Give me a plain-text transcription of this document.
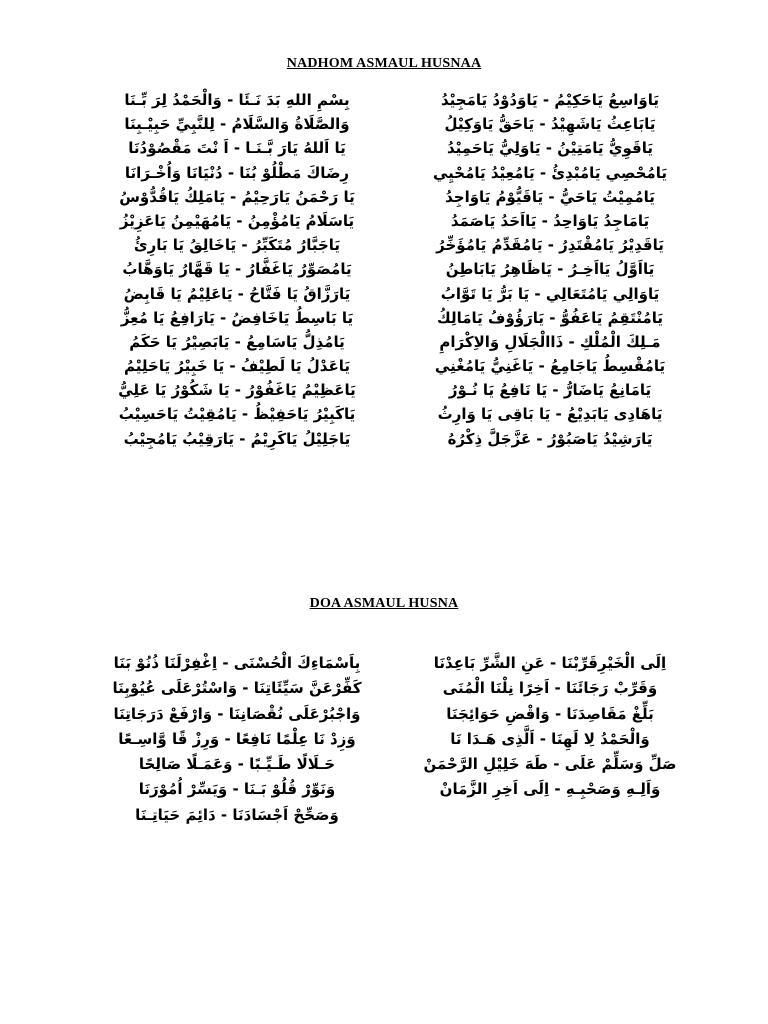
NADHOM ASMAUL HUSNAA
بِسْمِ اللهِ بَدَ نَـئَا - وَالْحَمْدُ لِرَ بِّـنَا
وَالصَّلَاةُ وَالسَّلَامُ - لِلنَّبِيِّ حَبِيْـبِنَا
يَا اَللهُ يَارَ بَّـنَـا - اَ نْتَ مَقْصُوْدُنَا
رِضَاكَ مَطْلُوْ بُنَا - دُنْيَانَا وَاُخْـرَانَا
يَا رَحْمَنُ يَارَحِيْمُ - يَامَلِكُ يَاقُدُّوْسُ
يَاسَلَامُ يَامُؤْمِنُ - يَامُهَيْمِنُ يَاعَزِيْزُ
يَاجَبَّارُ مُتَكَبِّرُ - يَاخَالِقُ يَا بَارِئُ
يَامُصَوِّرُ يَاغَفَّارُ - يَا قَهَّارُ يَاوَهَّابُ
يَارَزَّاقُ يَا فَتَّاحُ - يَاعَلِيْمُ يَا قَابِضُ
يَا بَاسِطُ يَاخَافِضُ - يَارَافِعُ يَا مُعِزُّ
يَامُذِلُّ يَاسَامِعُ - يَابَصِيْرُ يَا حَكَمُ
يَاعَدْلُ يَا لَطِيْفُ - يَا خَبِيْرُ يَاحَلِيْمُ
يَاعَظِيْمُ يَاغَفُوْرُ - يَا شَكُوْرُ يَا عَلِيُّ
يَاكَبِيْرُ يَاحَفِيْظُ - يَامُقِيْتُ يَاحَسِيْبُ
يَاجَلِيْلُ يَاكَرِيْمُ - يَارَقِيْبُ يَامُجِيْبُ
يَاوَاسِعُ يَاحَكِيْمُ - يَاوَدُوْدُ يَامَجِيْدُ
يَابَاعِثُ يَاشَهِيْدُ - يَاحَقُّ يَاوَكِيْلُ
يَاقَوِيُّ يَامَتِيْنُ - يَاوَلِيُّ يَاحَمِيْدُ
يَامُحْصِي يَامُبْدِئُ - يَامُعِيْدُ يَامُحْيِي
يَامُمِيْتُ يَاحَيُّ - يَاقَيُّوْمُ يَاوَاجِدُ
يَامَاجِدُ يَاوَاحِدُ - يَااَحَدُ يَاصَمَدُ
يَاقَدِيْرُ يَامُقْتَدِرُ - يَامُقَدِّمُ يَامُؤَخِّرُ
يَااَوَّلُ يَااَخِـرُ - يَاظَاهِرُ يَابَاطِنُ
يَاوَالِي يَامُتَعَالِي - يَا بَرُّ يَا تَوَّابُ
يَامُنْتَقِمُ يَاعَفُوُّ - يَارَؤُوْفُ يَامَالِكُ
مَـلِكَ الْمُلْكِ - ذَاالْجَلَالِ وَالاِكْرَامِ
يَامُقْسِطُ يَاجَامِعُ - يَاغَنِيُّ يَامُغْنِي
يَامَانِعُ يَاضَارُّ - يَا نَافِعُ يَا نُـوْرُ
يَاهَادِى يَابَدِيْعُ - يَا بَاقِى يَا وَارِثُ
يَارَشِيْدُ يَاصَبُوْرُ - عَزَّجَلَّ ذِكْرُهُ
DOA ASMAUL HUSNA
بِاَسْمَاءِكَ الْحُسْنَى - اِغْفِرْلَنَا ذُنُوْ بَنَا
كَفِّرْعَنَّ سَيِّئَاتِنَا - وَاسْتُرْعَلَى عُيُوْبِنَا
وَاجْبُرْعَلَى نُقْصَانِنَا - وَارْفَعْ دَرَجَاتِنَا
وَزِدْ نَا عِلْمًا نَافِعًا - وَرِزْ قًا وَّاسِـعًا
حَـلَالًا طَـيِّـبًا - وَعَمَـلًا صَالِحًا
وَنَوِّرْ قُلُوْ بَـنَا - وَيَسِّرْ اُمُوْرَنَا
وَصَحِّحْ اَجْسَادَنَا - دَائِمَ حَيَاتِـنَا
اِلَى الْخَيْرِقَرِّبْنَا - عَنِ الشَّرِّ بَاعِدْنَا
وَقَرِّبْ رَجَائَنَا - اَخِرًا نِلْنَا الْمُنَى
بَلِّغْ مَقَاصِدَنَا - وَاقْضِ حَوَائِجَنَا
وَالْحَمْدُ لِا لَهِنَا - اَلَّذِى هَـدَا نَا
صَلِّ وَسَلِّمْ عَلَى - طَهَ خَلِيْلِ الرَّحْمَنْ
وَاَلِـهِ وَصَحْبِـهِ - اِلَى اَخِرِ الزَّمَانْ
